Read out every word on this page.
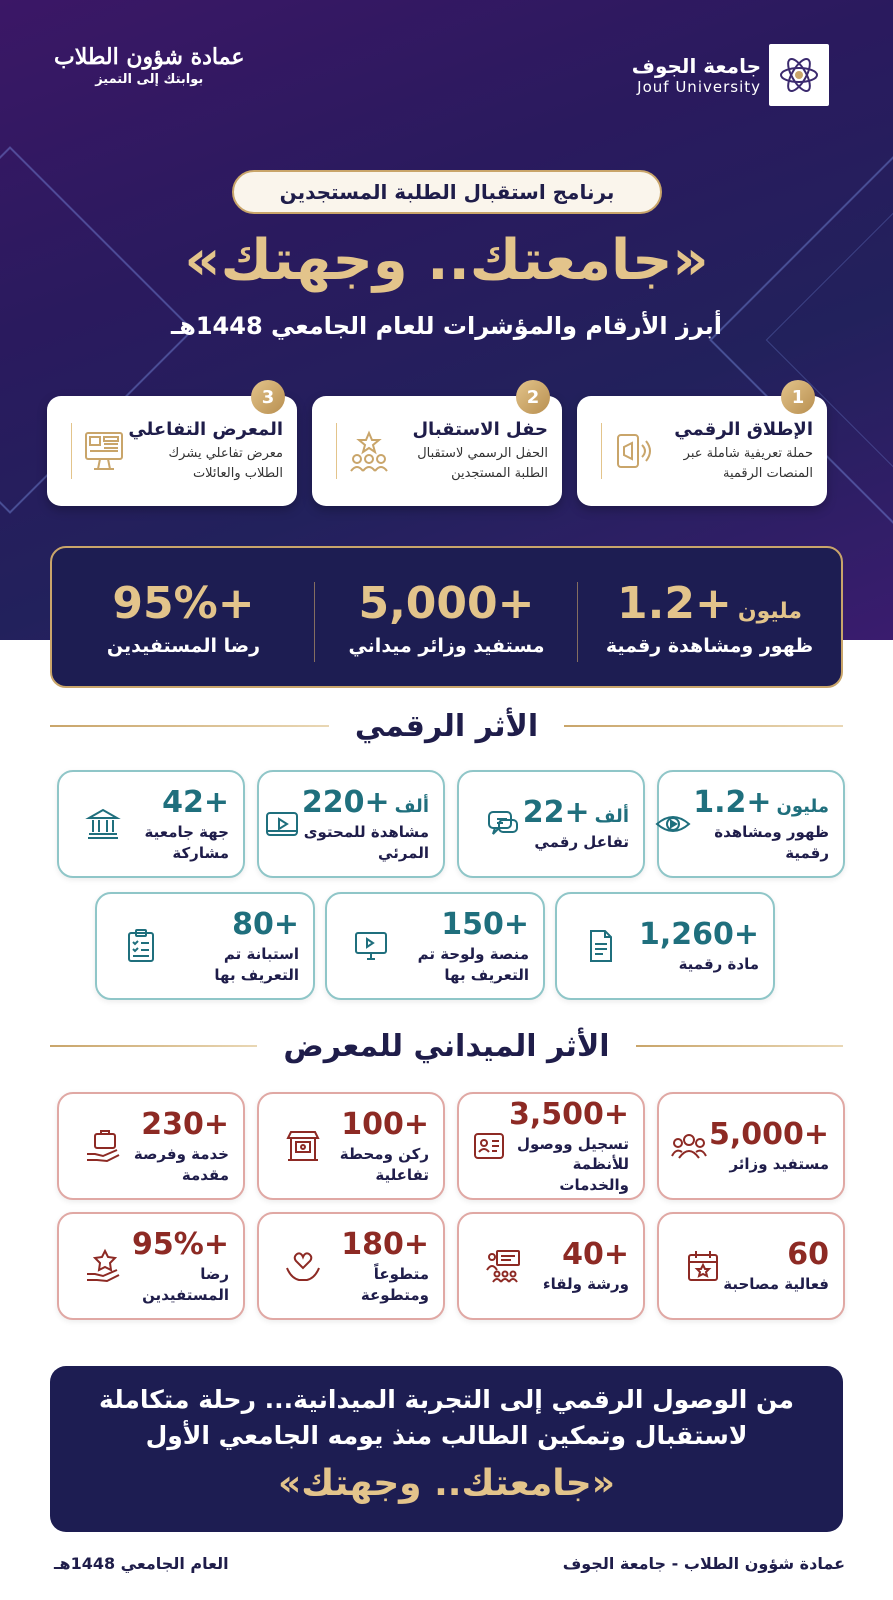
جامعة الجوف
Jouf University
عمادة شؤون الطلاب
بوابتك إلى التميز
برنامج استقبال الطلبة المستجدين
«جامعتك.. وجهتك»
أبرز الأرقام والمؤشرات للعام الجامعي 1448هـ
1
الإطلاق الرقمي
حملة تعريفية شاملة عبر المنصات الرقمية
2
حفل الاستقبال
الحفل الرسمي لاستقبال الطلبة المستجدين
3
المعرض التفاعلي
معرض تفاعلي يشرك الطلاب والعائلات
1.2+ مليون
ظهور ومشاهدة رقمية
5,000+
مستفيد وزائر ميداني
95%+
رضا المستفيدين
الأثر الرقمي
1.2+ مليون
ظهور ومشاهدة رقمية
22+ ألف
تفاعل رقمي
220+ ألف
مشاهدة للمحتوى المرئي
42+
جهة جامعية مشاركة
1,260+
مادة رقمية
150+
منصة ولوحة تم التعريف بها
80+
استبانة تم التعريف بها
الأثر الميداني للمعرض
5,000+
مستفيد وزائر
3,500+
تسجيل ووصول للأنظمة والخدمات
100+
ركن ومحطة تفاعلية
230+
خدمة وفرصة مقدمة
60
فعالية مصاحبة
40+
ورشة ولقاء
180+
متطوعاً ومتطوعة
95%+
رضا المستفيدين
من الوصول الرقمي إلى التجربة الميدانية... رحلة متكاملة
لاستقبال وتمكين الطالب منذ يومه الجامعي الأول
«جامعتك.. وجهتك»
عمادة شؤون الطلاب - جامعة الجوف
العام الجامعي 1448هـ
